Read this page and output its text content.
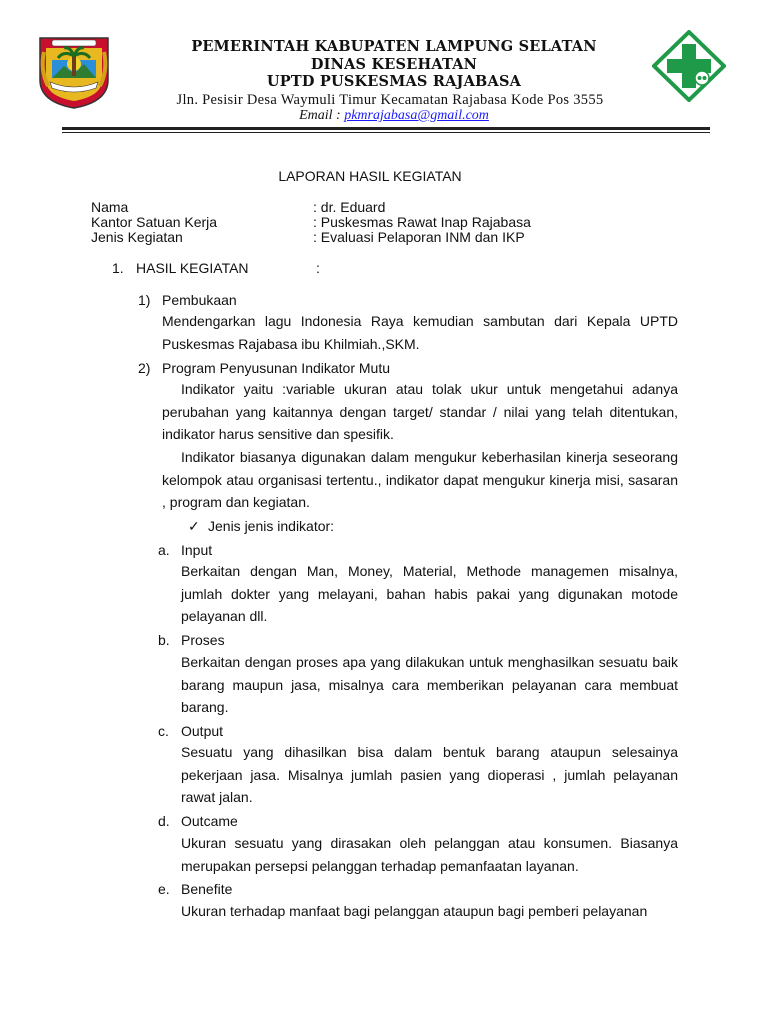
PEMERINTAH KABUPATEN LAMPUNG SELATAN
DINAS KESEHATAN
UPTD PUSKESMAS RAJABASA
Jln. Pesisir Desa Waymuli Timur Kecamatan Rajabasa Kode Pos 3555
Email : pkmrajabasa@gmail.com
LAPORAN HASIL KEGIATAN
Nama	: dr. Eduard
Kantor Satuan Kerja	: Puskesmas Rawat Inap Rajabasa
Jenis Kegiatan	: Evaluasi Pelaporan INM dan IKP
1. HASIL KEGIATAN	:
1) Pembukaan
Mendengarkan lagu Indonesia Raya kemudian sambutan dari Kepala UPTD Puskesmas Rajabasa ibu Khilmiah.,SKM.
2) Program Penyusunan Indikator Mutu
Indikator yaitu :variable ukuran atau tolak ukur untuk mengetahui adanya perubahan yang kaitannya dengan target/ standar / nilai yang telah ditentukan, indikator harus sensitive dan spesifik.
Indikator biasanya digunakan dalam mengukur keberhasilan kinerja seseorang kelompok atau organisasi tertentu., indikator dapat mengukur kinerja misi, sasaran , program dan kegiatan.
✓ Jenis jenis indikator:
a. Input
Berkaitan dengan Man, Money, Material, Methode managemen misalnya, jumlah dokter yang melayani, bahan habis pakai yang digunakan motode pelayanan dll.
b. Proses
Berkaitan dengan proses apa yang dilakukan untuk menghasilkan sesuatu baik barang maupun jasa, misalnya cara memberikan pelayanan cara membuat barang.
c. Output
Sesuatu yang dihasilkan bisa dalam bentuk barang ataupun selesainya pekerjaan jasa. Misalnya jumlah pasien yang dioperasi , jumlah pelayanan rawat jalan.
d. Outcame
Ukuran sesuatu yang dirasakan oleh pelanggan atau konsumen. Biasanya merupakan persepsi pelanggan terhadap pemanfaatan layanan.
e. Benefite
Ukuran terhadap manfaat bagi pelanggan ataupun bagi pemberi pelayanan
